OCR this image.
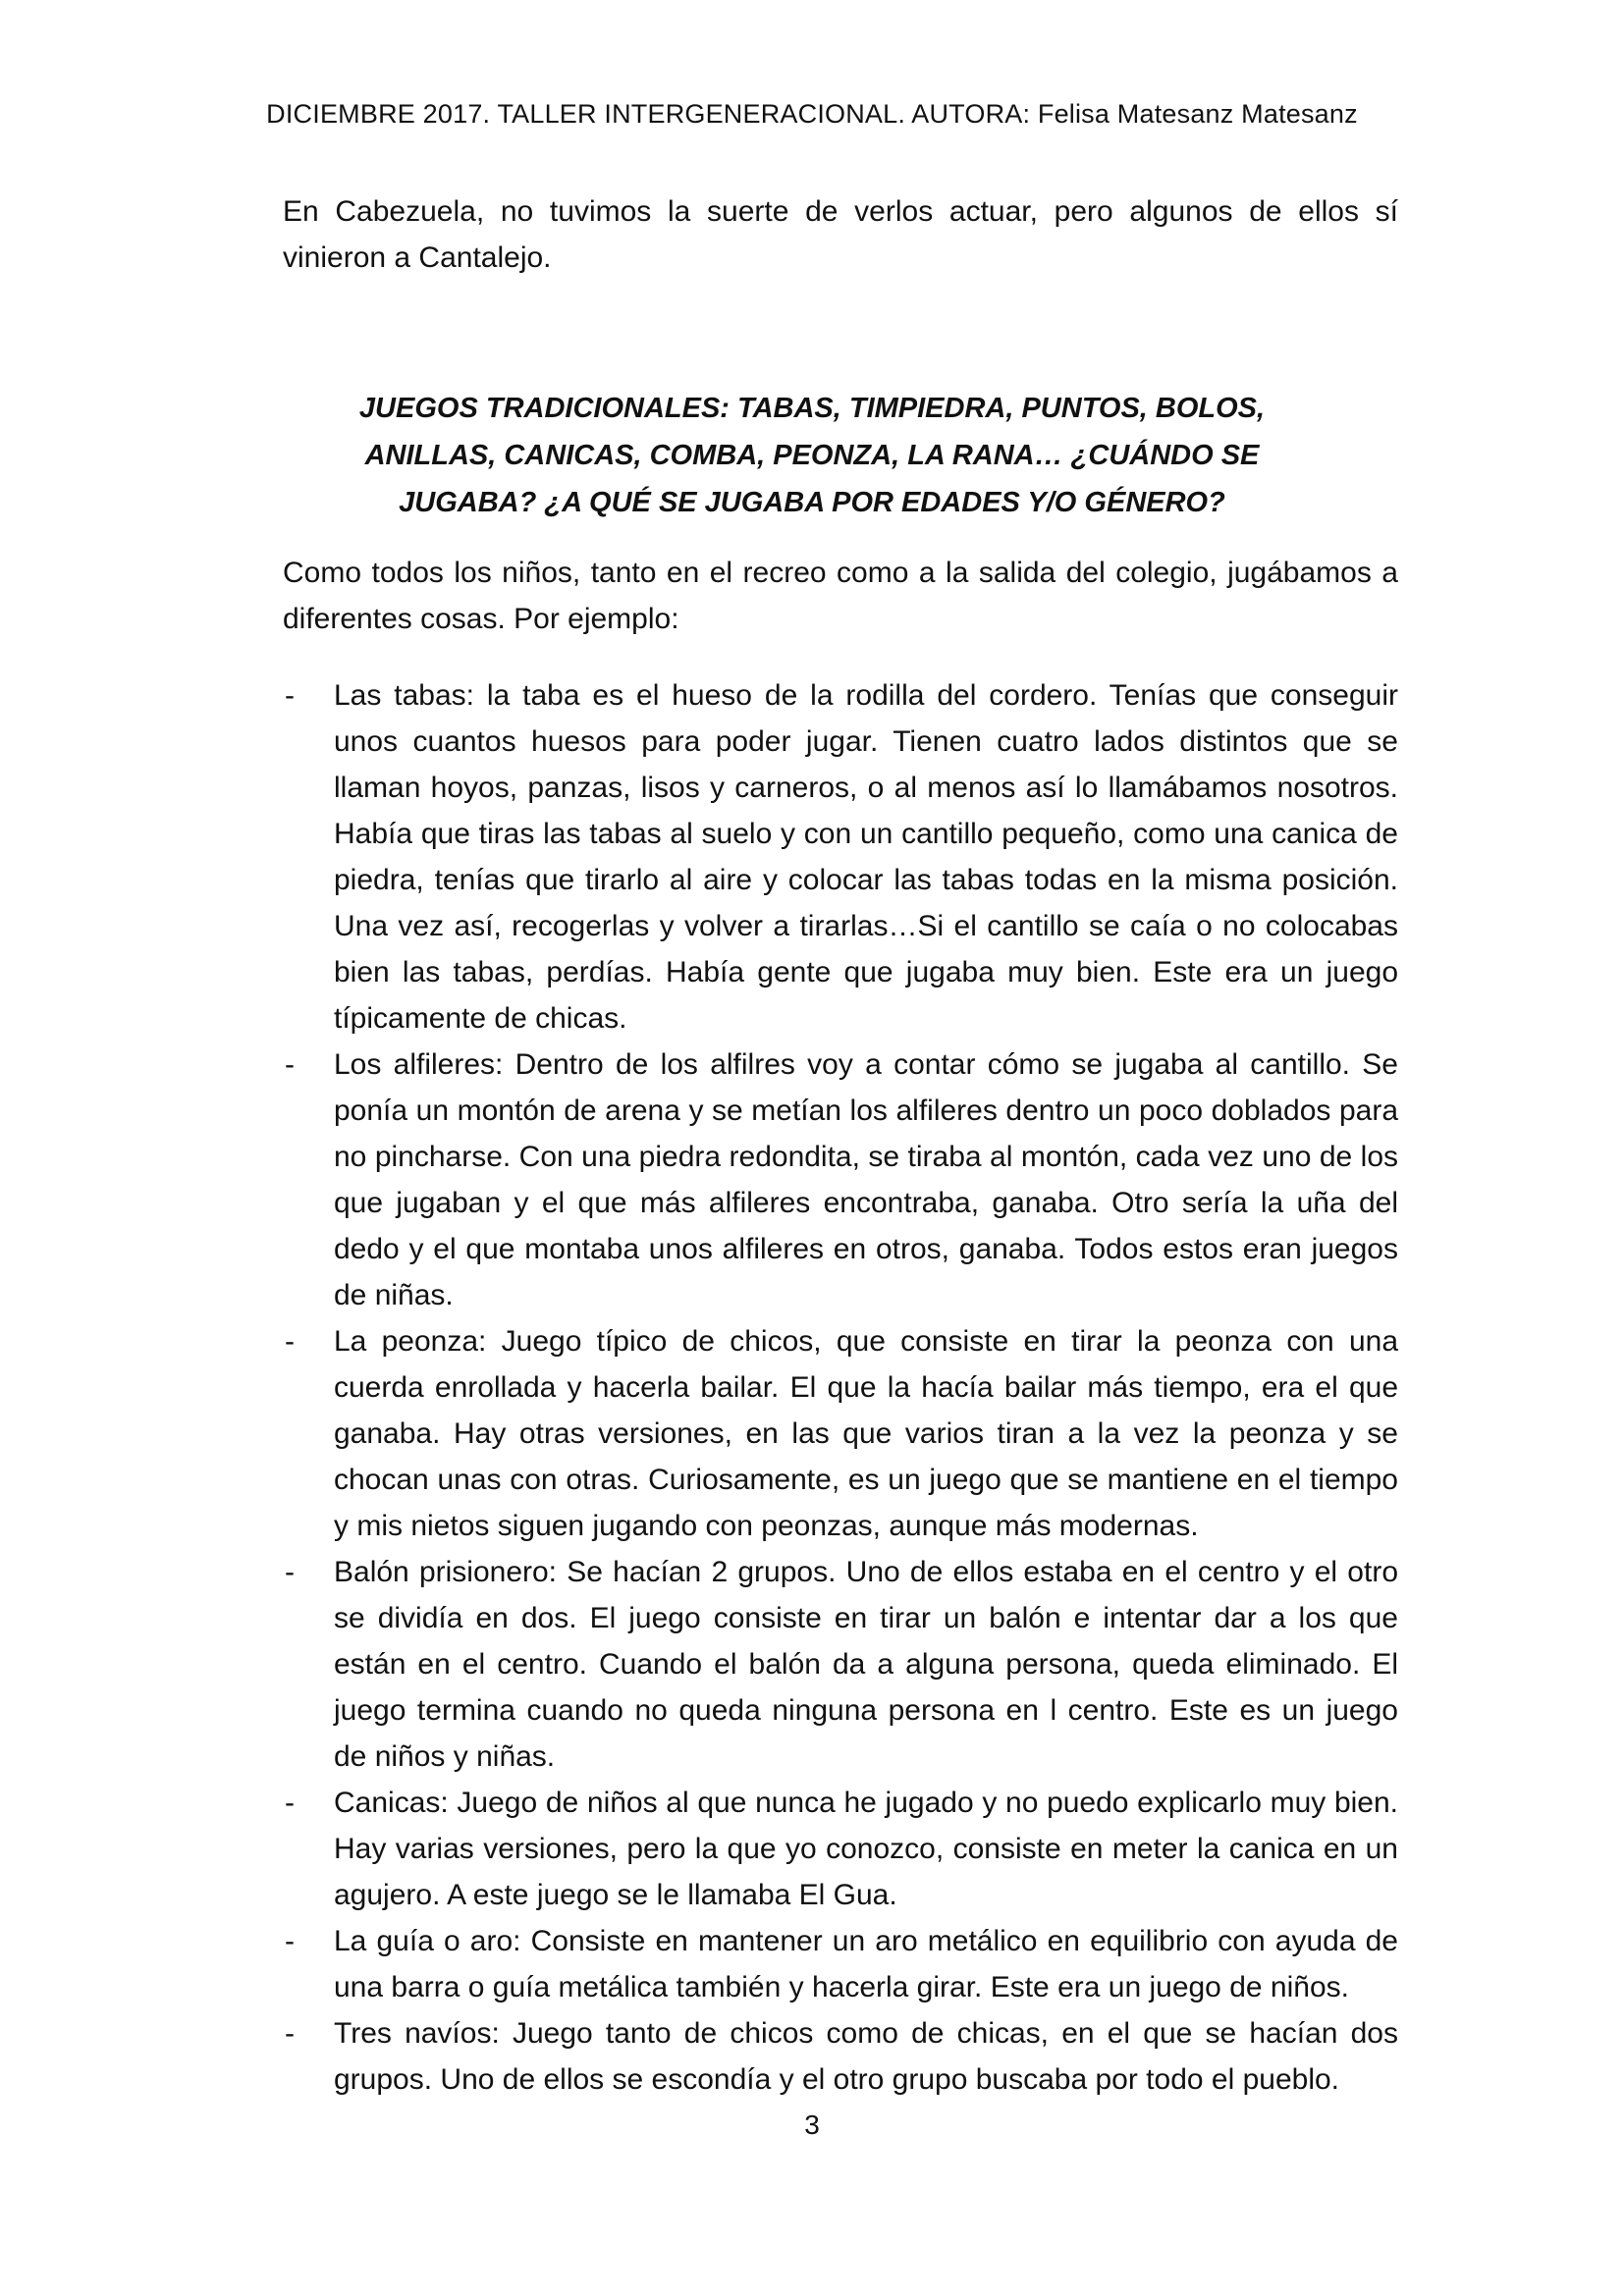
DICIEMBRE 2017. TALLER INTERGENERACIONAL. AUTORA: Felisa Matesanz Matesanz

En Cabezuela, no tuvimos la suerte de verlos actuar, pero algunos de ellos sí vinieron a Cantalejo.

JUEGOS TRADICIONALES: TABAS, TIMPIEDRA, PUNTOS, BOLOS, ANILLAS, CANICAS, COMBA, PEONZA, LA RANA… ¿CUÁNDO SE JUGABA? ¿A QUÉ SE JUGABA POR EDADES Y/O GÉNERO?

Como todos los niños, tanto en el recreo como a la salida del colegio, jugábamos a diferentes cosas. Por ejemplo:

- Las tabas: la taba es el hueso de la rodilla del cordero. Tenías que conseguir unos cuantos huesos para poder jugar. Tienen cuatro lados distintos que se llaman hoyos, panzas, lisos y carneros, o al menos así lo llamábamos nosotros. Había que tiras las tabas al suelo y con un cantillo pequeño, como una canica de piedra, tenías que tirarlo al aire y colocar las tabas todas en la misma posición. Una vez así, recogerlas y volver a tirarlas…Si el cantillo se caía o no colocabas bien las tabas, perdías. Había gente que jugaba muy bien. Este era un juego típicamente de chicas.
- Los alfileres: Dentro de los alfilres voy a contar cómo se jugaba al cantillo. Se ponía un montón de arena y se metían los alfileres dentro un poco doblados para no pincharse. Con una piedra redondita, se tiraba al montón, cada vez uno de los que jugaban y el que más alfileres encontraba, ganaba. Otro sería la uña del dedo y el que montaba unos alfileres en otros, ganaba. Todos estos eran juegos de niñas.
- La peonza: Juego típico de chicos, que consiste en tirar la peonza con una cuerda enrollada y hacerla bailar. El que la hacía bailar más tiempo, era el que ganaba. Hay otras versiones, en las que varios tiran a la vez la peonza y se chocan unas con otras. Curiosamente, es un juego que se mantiene en el tiempo y mis nietos siguen jugando con peonzas, aunque más modernas.
- Balón prisionero: Se hacían 2 grupos. Uno de ellos estaba en el centro y el otro se dividía en dos. El juego consiste en tirar un balón e intentar dar a los que están en el centro. Cuando el balón da a alguna persona, queda eliminado. El juego termina cuando no queda ninguna persona en l centro. Este es un juego de niños y niñas.
- Canicas: Juego de niños al que nunca he jugado y no puedo explicarlo muy bien. Hay varias versiones, pero la que yo conozco, consiste en meter la canica en un agujero. A este juego se le llamaba El Gua.
- La guía o aro: Consiste en mantener un aro metálico en equilibrio con ayuda de una barra o guía metálica también y hacerla girar. Este era un juego de niños.
- Tres navíos: Juego tanto de chicos como de chicas, en el que se hacían dos grupos. Uno de ellos se escondía y el otro grupo buscaba por todo el pueblo.
3
